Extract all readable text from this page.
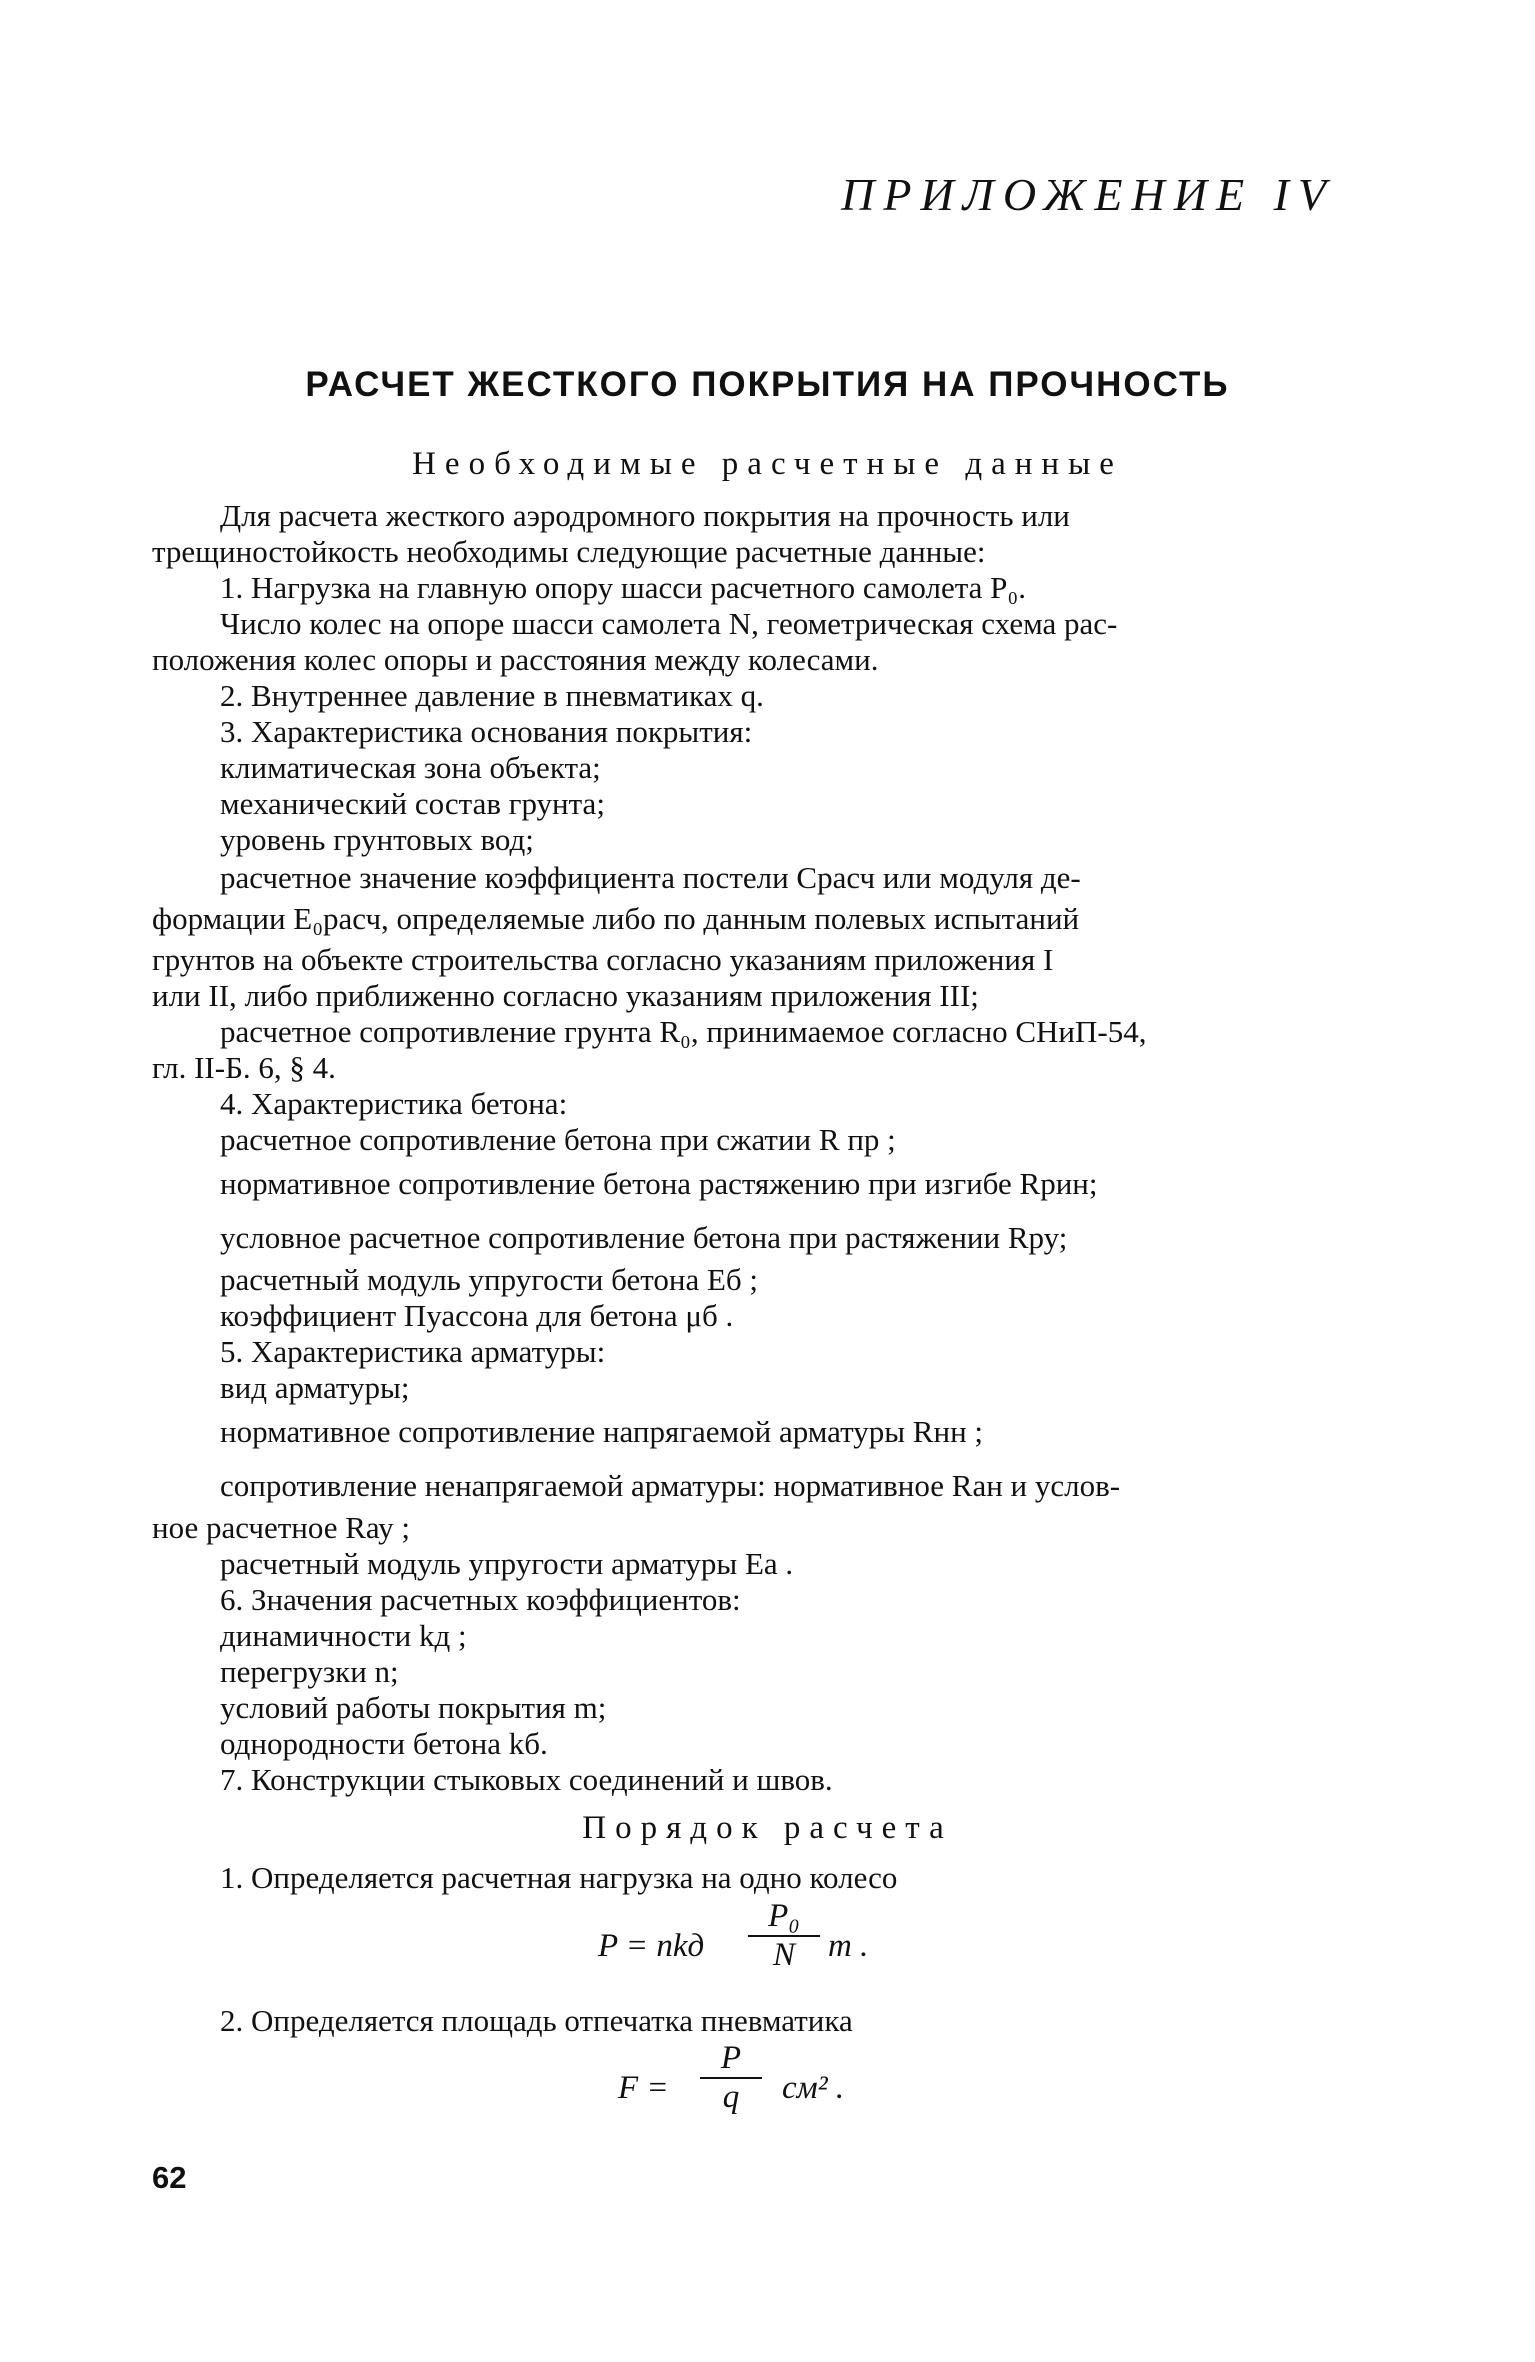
ПРИЛОЖЕНИЕ IV
РАСЧЕТ ЖЕСТКОГО ПОКРЫТИЯ НА ПРОЧНОСТЬ
Необходимые расчетные данные
Для расчета жесткого аэродромного покрытия на прочность или
трещиностойкость необходимы следующие расчетные данные:
1. Нагрузка на главную опору шасси расчетного самолета P₀.
Число колес на опоре шасси самолета N, геометрическая схема рас-
положения колес опоры и расстояния между колесами.
2. Внутреннее давление в пневматиках q.
3. Характеристика основания покрытия:
климатическая зона объекта;
механический состав грунта;
уровень грунтовых вод;
расчетное значение коэффициента постели Cрасч или модуля де-
формации E₀расч, определяемые либо по данным полевых испытаний
грунтов на объекте строительства согласно указаниям приложения I
или II, либо приближенно согласно указаниям приложения III;
расчетное сопротивление грунта R₀, принимаемое согласно СНиП-54,
гл. II-Б. 6, § 4.
4. Характеристика бетона:
расчетное сопротивление бетона при сжатии R пр ;
нормативное сопротивление бетона растяжению при изгибе Rрин;
условное расчетное сопротивление бетона при растяжении Rру;
расчетный модуль упругости бетона Eб ;
коэффициент Пуассона для бетона μб .
5. Характеристика арматуры:
вид арматуры;
нормативное сопротивление напрягаемой арматуры Rнн ;
сопротивление ненапрягаемой арматуры: нормативное Rан и услов-
ное расчетное Rау ;
расчетный модуль упругости арматуры Eа .
6. Значения расчетных коэффициентов:
динамичности kд ;
перегрузки n;
условий работы покрытия m;
однородности бетона kб.
7. Конструкции стыковых соединений и швов.
Порядок расчета
1. Определяется расчетная нагрузка на одно колесо
P = nkд
P₀
N	m .
2. Определяется площадь отпечатка пневматика
F =
P
q	см² .
62
